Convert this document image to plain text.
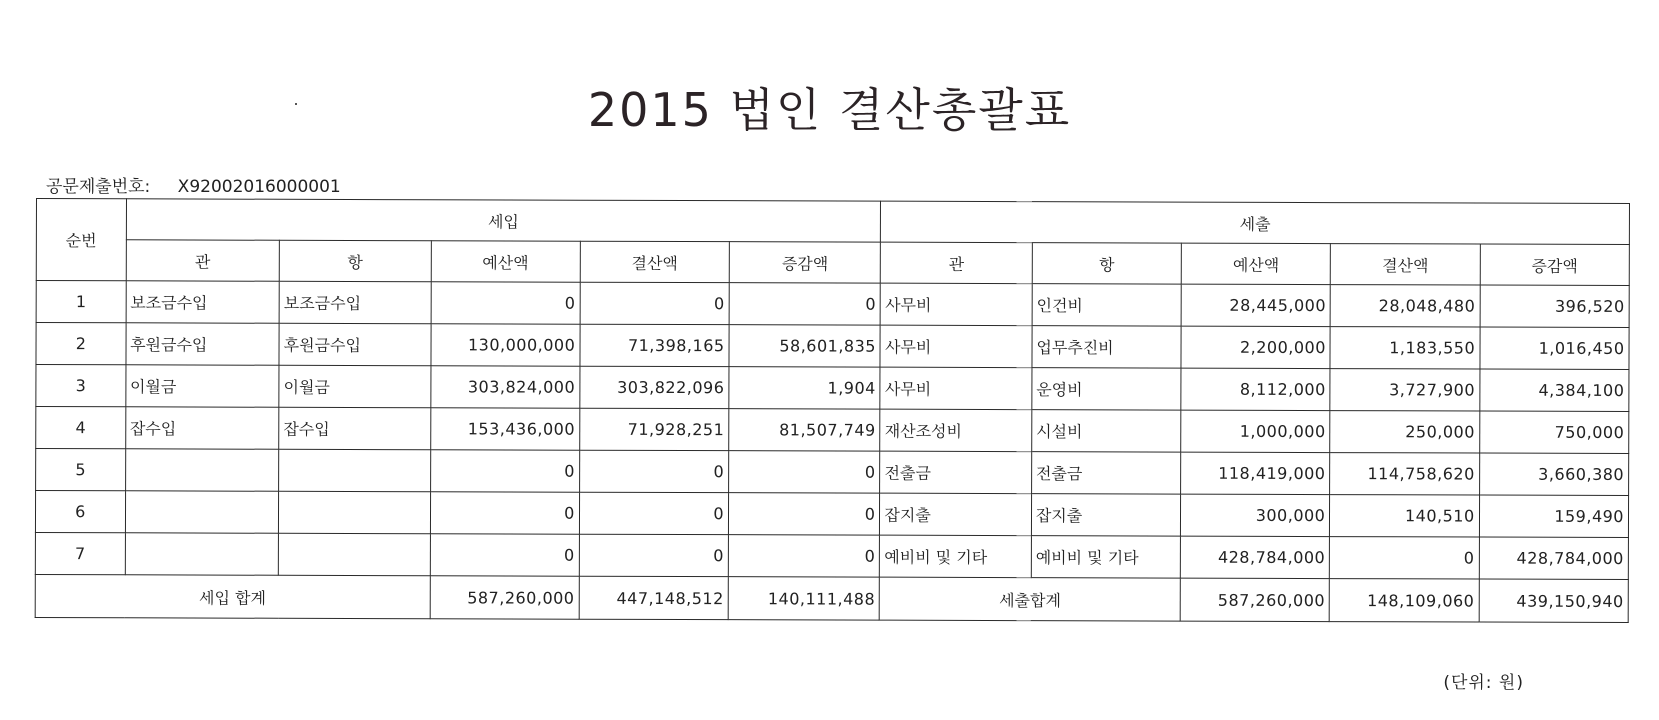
2015 법인 결산총괄표
공문제출번호: X92002016000001
순번	세입					세출				
	관	항	예산액	결산액	증감액	관	항	예산액	결산액	증감액
1	보조금수입	보조금수입	0	0	0	사무비	인건비	28,445,000	28,048,480	396,520
2	후원금수입	후원금수입	130,000,000	71,398,165	58,601,835	사무비	업무추진비	2,200,000	1,183,550	1,016,450
3	이월금	이월금	303,824,000	303,822,096	1,904	사무비	운영비	8,112,000	3,727,900	4,384,100
4	잡수입	잡수입	153,436,000	71,928,251	81,507,749	재산조성비	시설비	1,000,000	250,000	750,000
5			0	0	0	전출금	전출금	118,419,000	114,758,620	3,660,380
6			0	0	0	잡지출	잡지출	300,000	140,510	159,490
7			0	0	0	예비비 및 기타	예비비 및 기타	428,784,000	0	428,784,000
세입 합계			587,260,000	447,148,512	140,111,488	세출합계		587,260,000	148,109,060	439,150,940
(단위: 원)
